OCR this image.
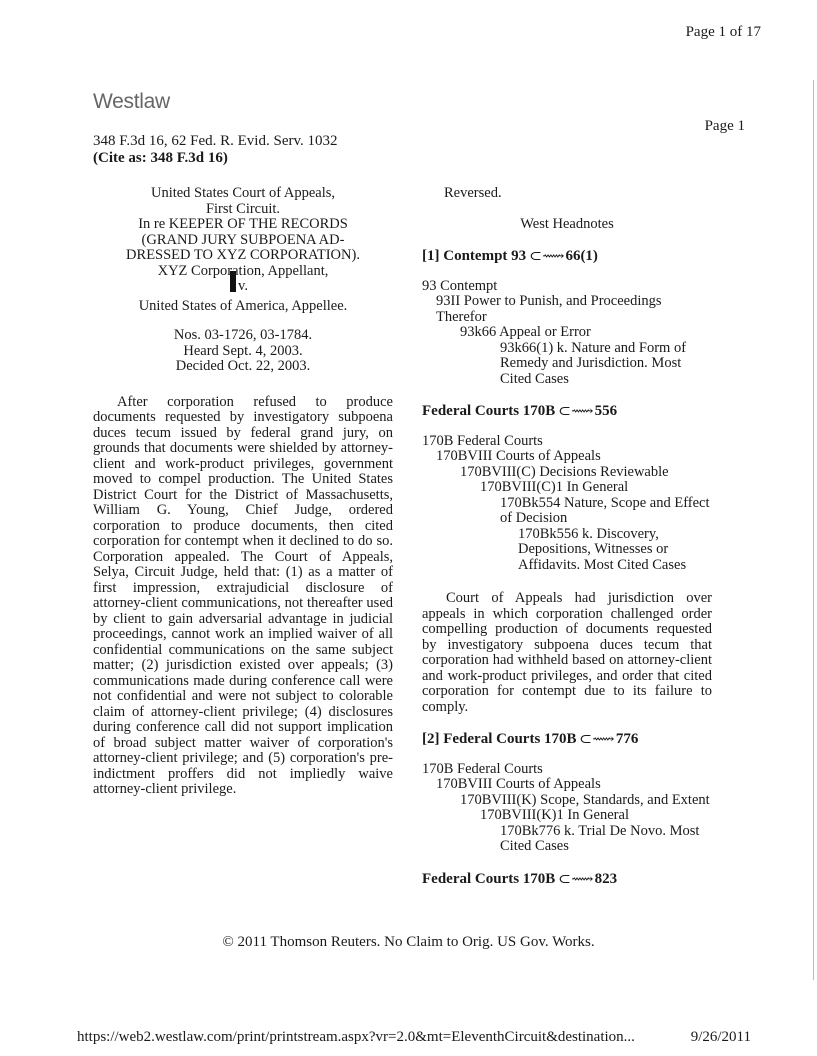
Page 1 of 17
Westlaw
Page 1
348 F.3d 16, 62 Fed. R. Evid. Serv. 1032
(Cite as: 348 F.3d 16)
United States Court of Appeals,
First Circuit.
In re KEEPER OF THE RECORDS
(GRAND JURY SUBPOENA AD-
DRESSED TO XYZ CORPORATION).
XYZ Corporation, Appellant,
v.
United States of America, Appellee.
Nos. 03-1726, 03-1784.
Heard Sept. 4, 2003.
Decided Oct. 22, 2003.

After corporation refused to produce documents requested by investigatory subpoena duces tecum issued by federal grand jury, on grounds that documents were shielded by attorney-client and work-product privileges, government moved to compel production. The United States District Court for the District of Massachusetts, William G. Young, Chief Judge, ordered corporation to produce documents, then cited corporation for contempt when it declined to do so. Corporation appealed. The Court of Appeals, Selya, Circuit Judge, held that: (1) as a matter of first impression, extrajudicial disclosure of attorney-client communications, not thereafter used by client to gain adversarial advantage in judicial proceedings, cannot work an implied waiver of all confidential communications on the same subject matter; (2) jurisdiction existed over appeals; (3) communications made during conference call were not confidential and were not subject to colorable claim of attorney-client privilege; (4) disclosures during conference call did not support implication of broad subject matter waiver of corporation's attorney-client privilege; and (5) corporation's pre-indictment proffers did not impliedly waive attorney-client privilege.

Reversed.
West Headnotes
[1] Contempt 93 ⊂⟿66(1)
93 Contempt
93II Power to Punish, and Proceedings Therefor
93k66 Appeal or Error
93k66(1) k. Nature and Form of Remedy and Jurisdiction. Most Cited Cases
Federal Courts 170B ⊂⟿556
170B Federal Courts
170BVIII Courts of Appeals
170BVIII(C) Decisions Reviewable
170BVIII(C)1 In General
170Bk554 Nature, Scope and Effect of Decision
170Bk556 k. Discovery, Depositions, Witnesses or Affidavits. Most Cited Cases

Court of Appeals had jurisdiction over appeals in which corporation challenged order compelling production of documents requested by investigatory subpoena duces tecum that corporation had withheld based on attorney-client and work-product privileges, and order that cited corporation for contempt due to its failure to comply.

[2] Federal Courts 170B ⊂⟿776
170B Federal Courts
170BVIII Courts of Appeals
170BVIII(K) Scope, Standards, and Extent
170BVIII(K)1 In General
170Bk776 k. Trial De Novo. Most Cited Cases
Federal Courts 170B ⊂⟿823
© 2011 Thomson Reuters. No Claim to Orig. US Gov. Works.
https://web2.westlaw.com/print/printstream.aspx?vr=2.0&mt=EleventhCircuit&destination...	9/26/2011
